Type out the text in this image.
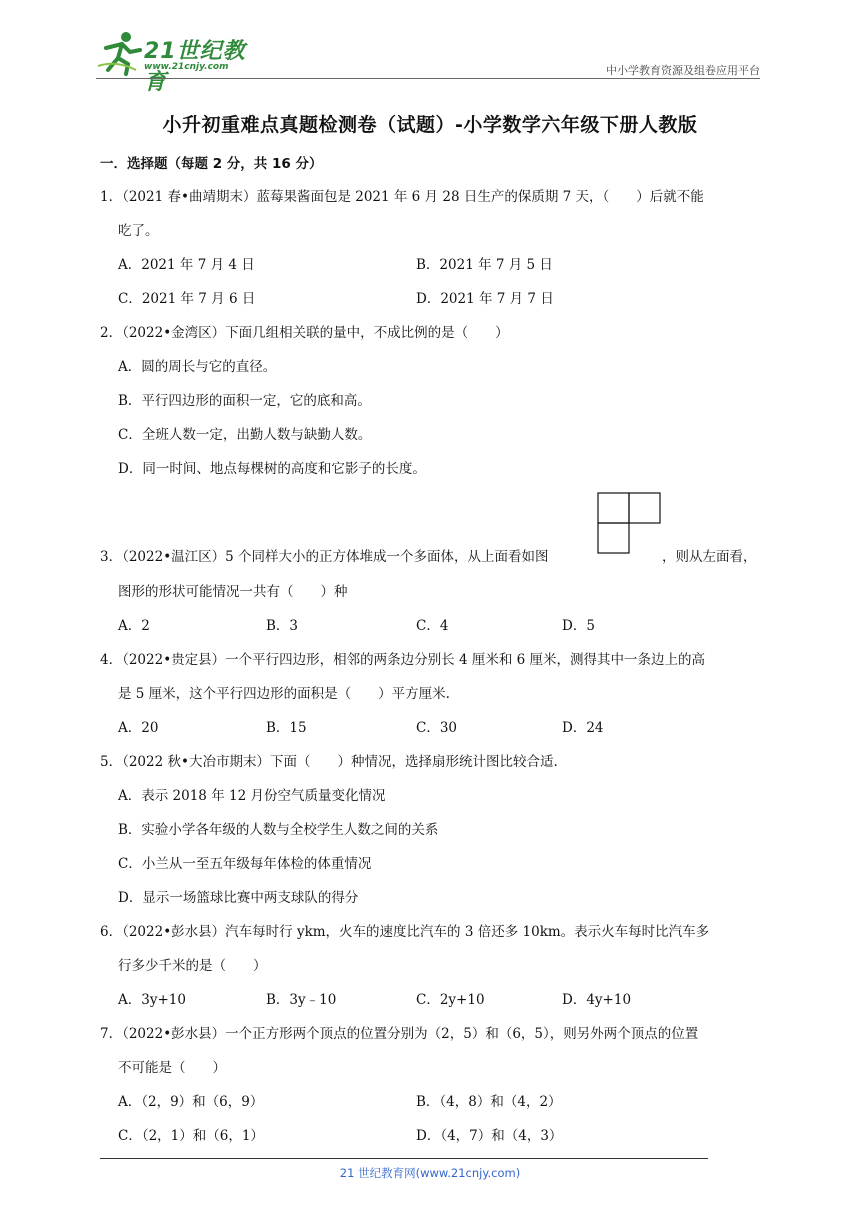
21世纪教育
www.21cnjy.com	中小学教育资源及组卷应用平台
小升初重难点真题检测卷（试题）-小学数学六年级下册人教版
一．选择题（每题 2 分，共 16 分）
1．（2021 春•曲靖期末）蓝莓果酱面包是 2021 年 6 月 28 日生产的保质期 7 天，（　　）后就不能
吃了。
A．2021 年 7 月 4 日	B．2021 年 7 月 5 日
C．2021 年 7 月 6 日	D．2021 年 7 月 7 日
2．（2022•金湾区）下面几组相关联的量中，不成比例的是（　　）
A．圆的周长与它的直径。
B．平行四边形的面积一定，它的底和高。
C．全班人数一定，出勤人数与缺勤人数。
D．同一时间、地点每棵树的高度和它影子的长度。
3．（2022•温江区）5 个同样大小的正方体堆成一个多面体，从上面看如图	，则从左面看，
图形的形状可能情况一共有（　　）种
A．2	B．3	C．4	D．5
4．（2022•贵定县）一个平行四边形，相邻的两条边分别长 4 厘米和 6 厘米，测得其中一条边上的高
是 5 厘米，这个平行四边形的面积是（　　）平方厘米.
A．20	B．15	C．30	D．24
5．（2022 秋•大冶市期末）下面（　　）种情况，选择扇形统计图比较合适.
A．表示 2018 年 12 月份空气质量变化情况
B．实验小学各年级的人数与全校学生人数之间的关系
C．小兰从一至五年级每年体检的体重情况
D．显示一场篮球比赛中两支球队的得分
6．（2022•彭水县）汽车每时行 ykm，火车的速度比汽车的 3 倍还多 10km。表示火车每时比汽车多
行多少千米的是（　　）
A．3y+10	B．3y﹣10	C．2y+10	D．4y+10
7．（2022•彭水县）一个正方形两个顶点的位置分别为（2，5）和（6，5），则另外两个顶点的位置
不可能是（　　）
A．（2，9）和（6，9）	B．（4，8）和（4，2）
C．（2，1）和（6，1）	D．（4，7）和（4，3）
21 世纪教育网(www.21cnjy.com)
